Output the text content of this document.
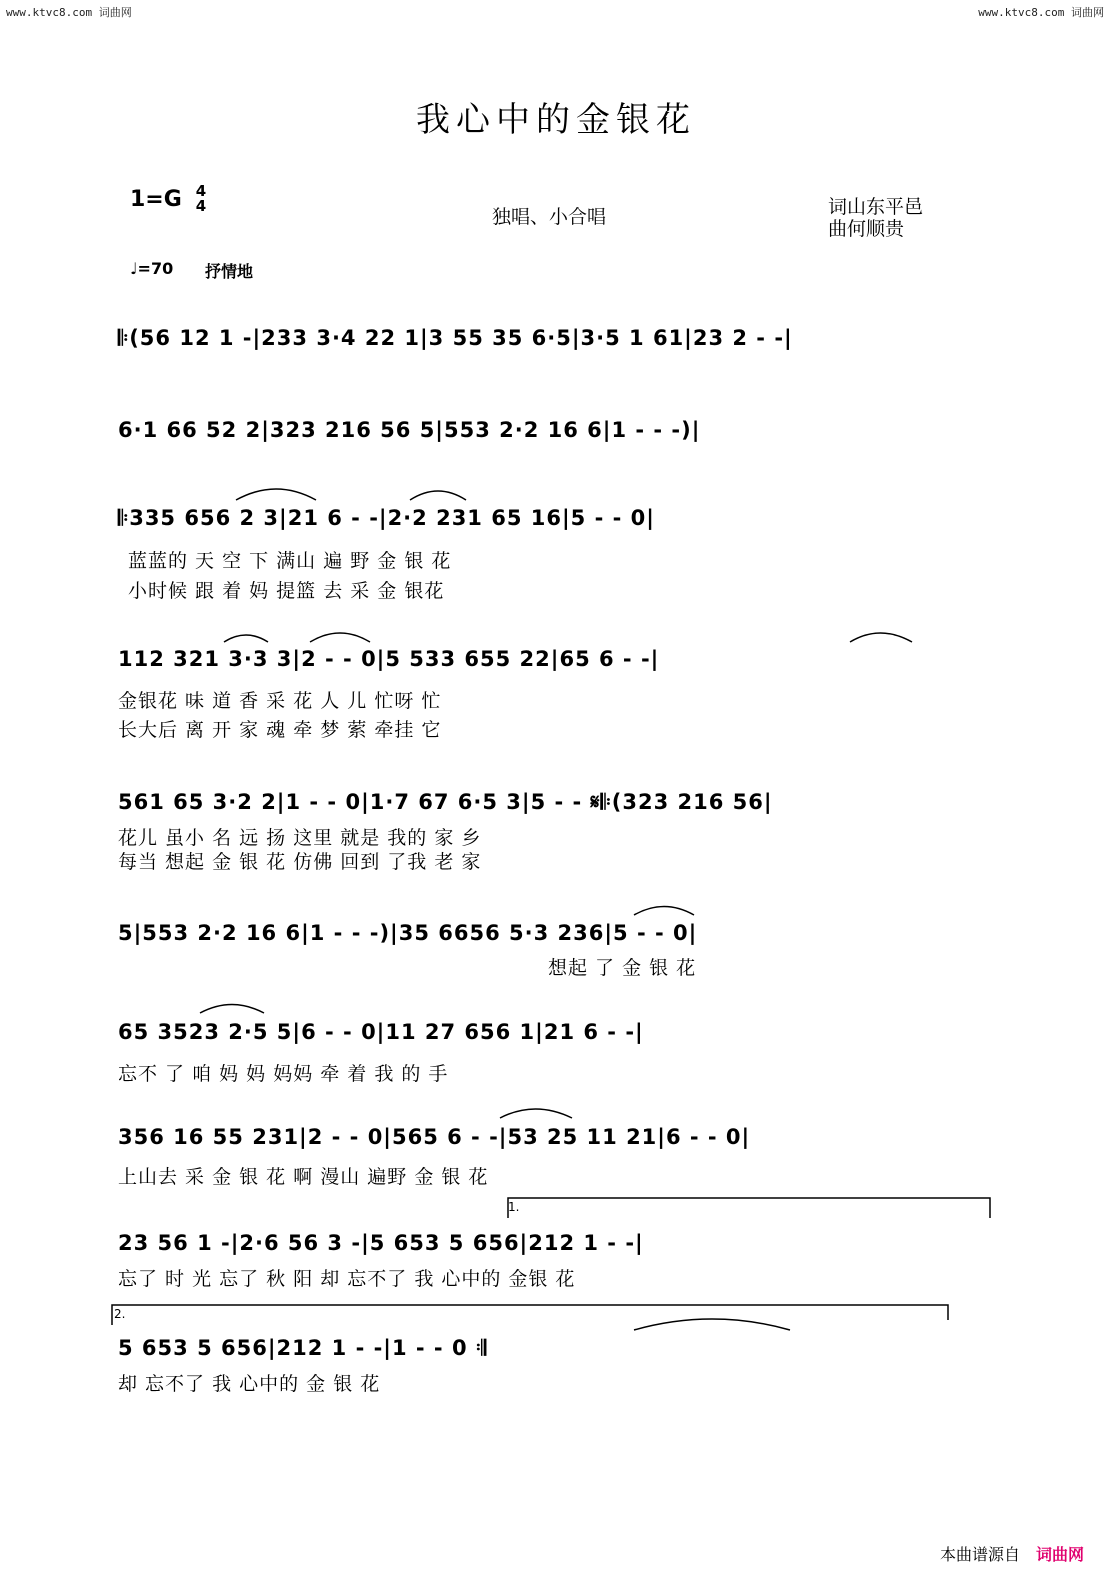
www.ktvc8.com 词曲网	www.ktvc8.com 词曲网
我心中的金银花
1=G 4
4	独唱、小合唱	词山东平邑
曲何顺贵
♩=70 抒情地
𝄆(56 12 1 -|233 3·4 22 1|3 55 35 6·5|3·5 1 61|23 2 - -|
6·1 66 52 2|323 216 56 5|553 2·2 16 6|1 - - -)|
𝄆335 656 2 3|21 6 - -|2·2 231 65 16|5 - - 0|
蓝蓝的 天 空 下 满山 遍 野 金 银 花
小时候 跟 着 妈 提篮 去 采 金 银花
112 321 3·3 3|2 - - 0|5 533 655 22|65 6 - -|
金银花 味 道 香 采 花 人 儿 忙呀 忙
长大后 离 开 家 魂 牵 梦 萦 牵挂 它
561 65 3·2 2|1 - - 0|1·7 67 6·5 3|5 - - 𝄋𝄆(323 216 56|
花儿 虽小 名 远 扬 这里 就是 我的 家 乡
每当 想起 金 银 花 仿佛 回到 了我 老 家
5|553 2·2 16 6|1 - - -)|35 6656 5·3 236|5 - - 0|
想起 了 金 银 花
65 3523 2·5 5|6 - - 0|11 27 656 1|21 6 - -|
忘不 了 咱 妈 妈 妈妈 牵 着 我 的 手
356 16 55 231|2 - - 0|565 6 - -|53 25 11 21|6 - - 0|
上山去 采 金 银 花 啊 漫山 遍野 金 银 花
23 56 1 -|2·6 56 3 -|5 653 5 656|212 1 - -|
忘了 时 光 忘了 秋 阳 却 忘不了 我 心中的 金银 花
5 653 5 656|212 1 - -|1 - - 0 𝄇
却 忘不了 我 心中的 金 银 花
本曲谱源自 词曲网
1.
2.
